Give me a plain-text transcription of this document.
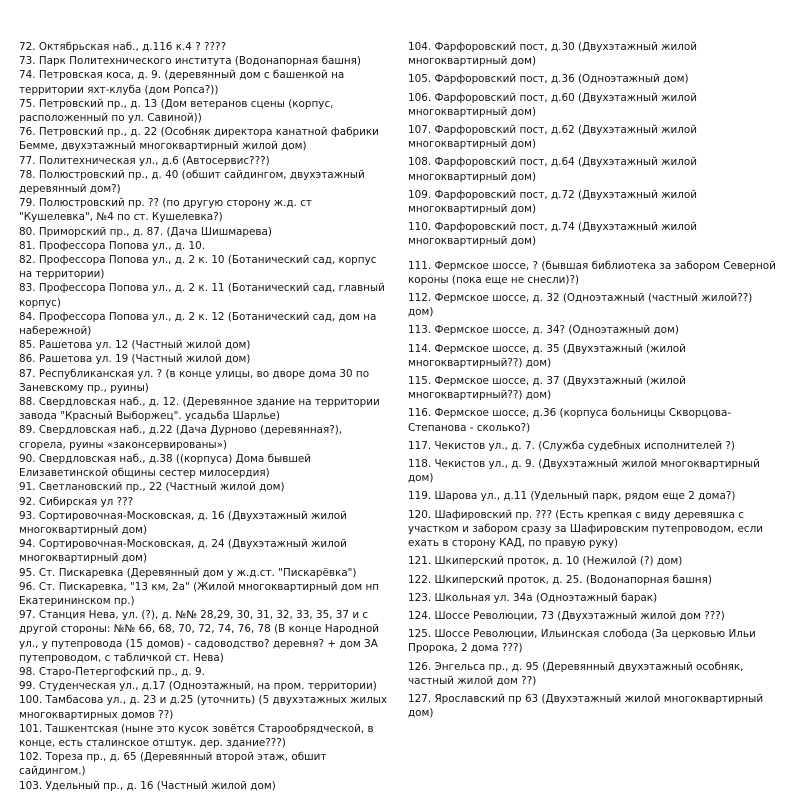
72. Октябрьская наб., д.116 к.4 ? ????
73. Парк Политехнического института (Водонапорная башня)
74. Петровская коса, д. 9. (деревянный дом с башенкой на территории яхт-клуба (дом Ропса?))
75. Петровский пр., д. 13 (Дом ветеранов сцены (корпус, расположенный по ул. Савиной))
76. Петровский пр., д. 22 (Особняк директора канатной фабрики Бемме, двухэтажный многоквартирный жилой дом)
77. Политехническая ул., д.6 (Автосервис???)
78. Полюстровский пр., д. 40 (обшит сайдингом, двухэтажный деревянный дом?)
79. Полюстровский пр. ?? (по другую сторону ж.д. ст "Кушелевка", №4 по ст. Кушелевка?)
80. Приморский пр., д. 87. (Дача Шишмарева)
81. Профессора Попова ул., д. 10.
82. Профессора Попова ул., д. 2 к. 10 (Ботанический сад, корпус на территории)
83. Профессора Попова ул., д. 2 к. 11 (Ботанический сад, главный корпус)
84. Профессора Попова ул., д. 2 к. 12 (Ботанический сад, дом на набережной)
85. Рашетова ул. 12 (Частный жилой дом)
86. Рашетова ул. 19 (Частный жилой дом)
87. Республиканская ул. ? (в конце улицы, во дворе дома 30 по Заневскому пр., руины)
88. Свердловская наб., д. 12. (Деревянное здание на территории завода "Красный Выборжец". усадьба Шарлье)
89. Свердловская наб., д.22 (Дача Дурново (деревянная?), сгорела, руины «законсервированы»)
90. Свердловская наб., д.38 ((корпуса) Дома бывшей Елизаветинской общины сестер милосердия)
91. Светлановский пр., 22 (Частный жилой дом)
92. Сибирская ул ???
93. Сортировочная-Московская, д. 16 (Двухэтажный жилой многоквартирный дом)
94. Сортировочная-Московская, д. 24 (Двухэтажный жилой многоквартирный дом)
95. Ст. Пискаревка (Деревянный дом у ж.д.ст. "Пискарёвка")
96. Ст. Пискаревка, "13 км, 2а" (Жилой многоквартирный дом нп Екатерининском пр.)
97. Станция Нева, ул. (?), д. №№ 28,29, 30, 31, 32, 33, 35, 37 и с другой стороны: №№ 66, 68, 70, 72, 74, 76, 78 (В конце Народной ул., у путепровода (15 домов) - садоводство? деревня? + дом ЗА путепроводом, с табличкой ст. Нева)
98. Старо-Петергофский пр., д. 9.
99. Студенческая ул., д.17 (Одноэтажный, на пром. территории)
100. Тамбасова ул., д. 23 и д.25 (уточнить) (5 двухэтажных жилых многоквартирных домов ??)
101. Ташкентская (ныне это кусок зовётся Старообрядческой, в конце, есть сталинское отштук. дер. здание???)
102. Тореза пр., д. 65 (Деревянный второй этаж, обшит сайдингом.)
103. Удельный пр., д. 16 (Частный жилой дом)
104. Фарфоровский пост, д.30 (Двухэтажный жилой многоквартирный дом)
105. Фарфоровский пост, д.36 (Одноэтажный дом)
106. Фарфоровский пост, д.60 (Двухэтажный жилой многоквартирный дом)
107. Фарфоровский пост, д.62 (Двухэтажный жилой многоквартирный дом)
108. Фарфоровский пост, д.64 (Двухэтажный жилой многоквартирный дом)
109. Фарфоровский пост, д.72 (Двухэтажный жилой многоквартирный дом)
110. Фарфоровский пост, д.74 (Двухэтажный жилой многоквартирный дом)
111. Фермское шоссе, ? (бывшая библиотека за забором Северной короны (пока еще не снесли)?)
112. Фермское шоссе, д. 32 (Одноэтажный (частный жилой??) дом)
113. Фермское шоссе, д. 34? (Одноэтажный дом)
114. Фермское шоссе, д. 35 (Двухэтажный (жилой многоквартирный??) дом)
115. Фермское шоссе, д. 37 (Двухэтажный (жилой многоквартирный??) дом)
116. Фермское шоссе, д.36 (корпуса больницы Скворцова-Степанова - сколько?)
117. Чекистов ул., д. 7. (Служба судебных исполнителей ?)
118. Чекистов ул., д. 9. (Двухэтажный жилой многоквартирный дом)
119. Шарова ул., д.11 (Удельный парк, рядом еще 2 дома?)
120. Шафировский пр. ??? (Есть крепкая с виду деревяшка с участком и забором сразу за Шафировским путепроводом, если ехать в сторону КАД, по правую руку)
121. Шкиперский проток, д. 10 (Нежилой (?) дом)
122. Шкиперский проток, д. 25. (Водонапорная башня)
123. Школьная ул. 34а (Одноэтажный барак)
124. Шоссе Революции, 73 (Двухэтажный жилой дом ???)
125. Шоссе Революции, Ильинская слобода (За церковью Ильи Пророка, 2 дома ???)
126. Энгельса пр., д. 95 (Деревянный двухэтажный особняк, частный жилой дом ??)
127. Ярославский пр 63 (Двухэтажный жилой многоквартирный дом)
